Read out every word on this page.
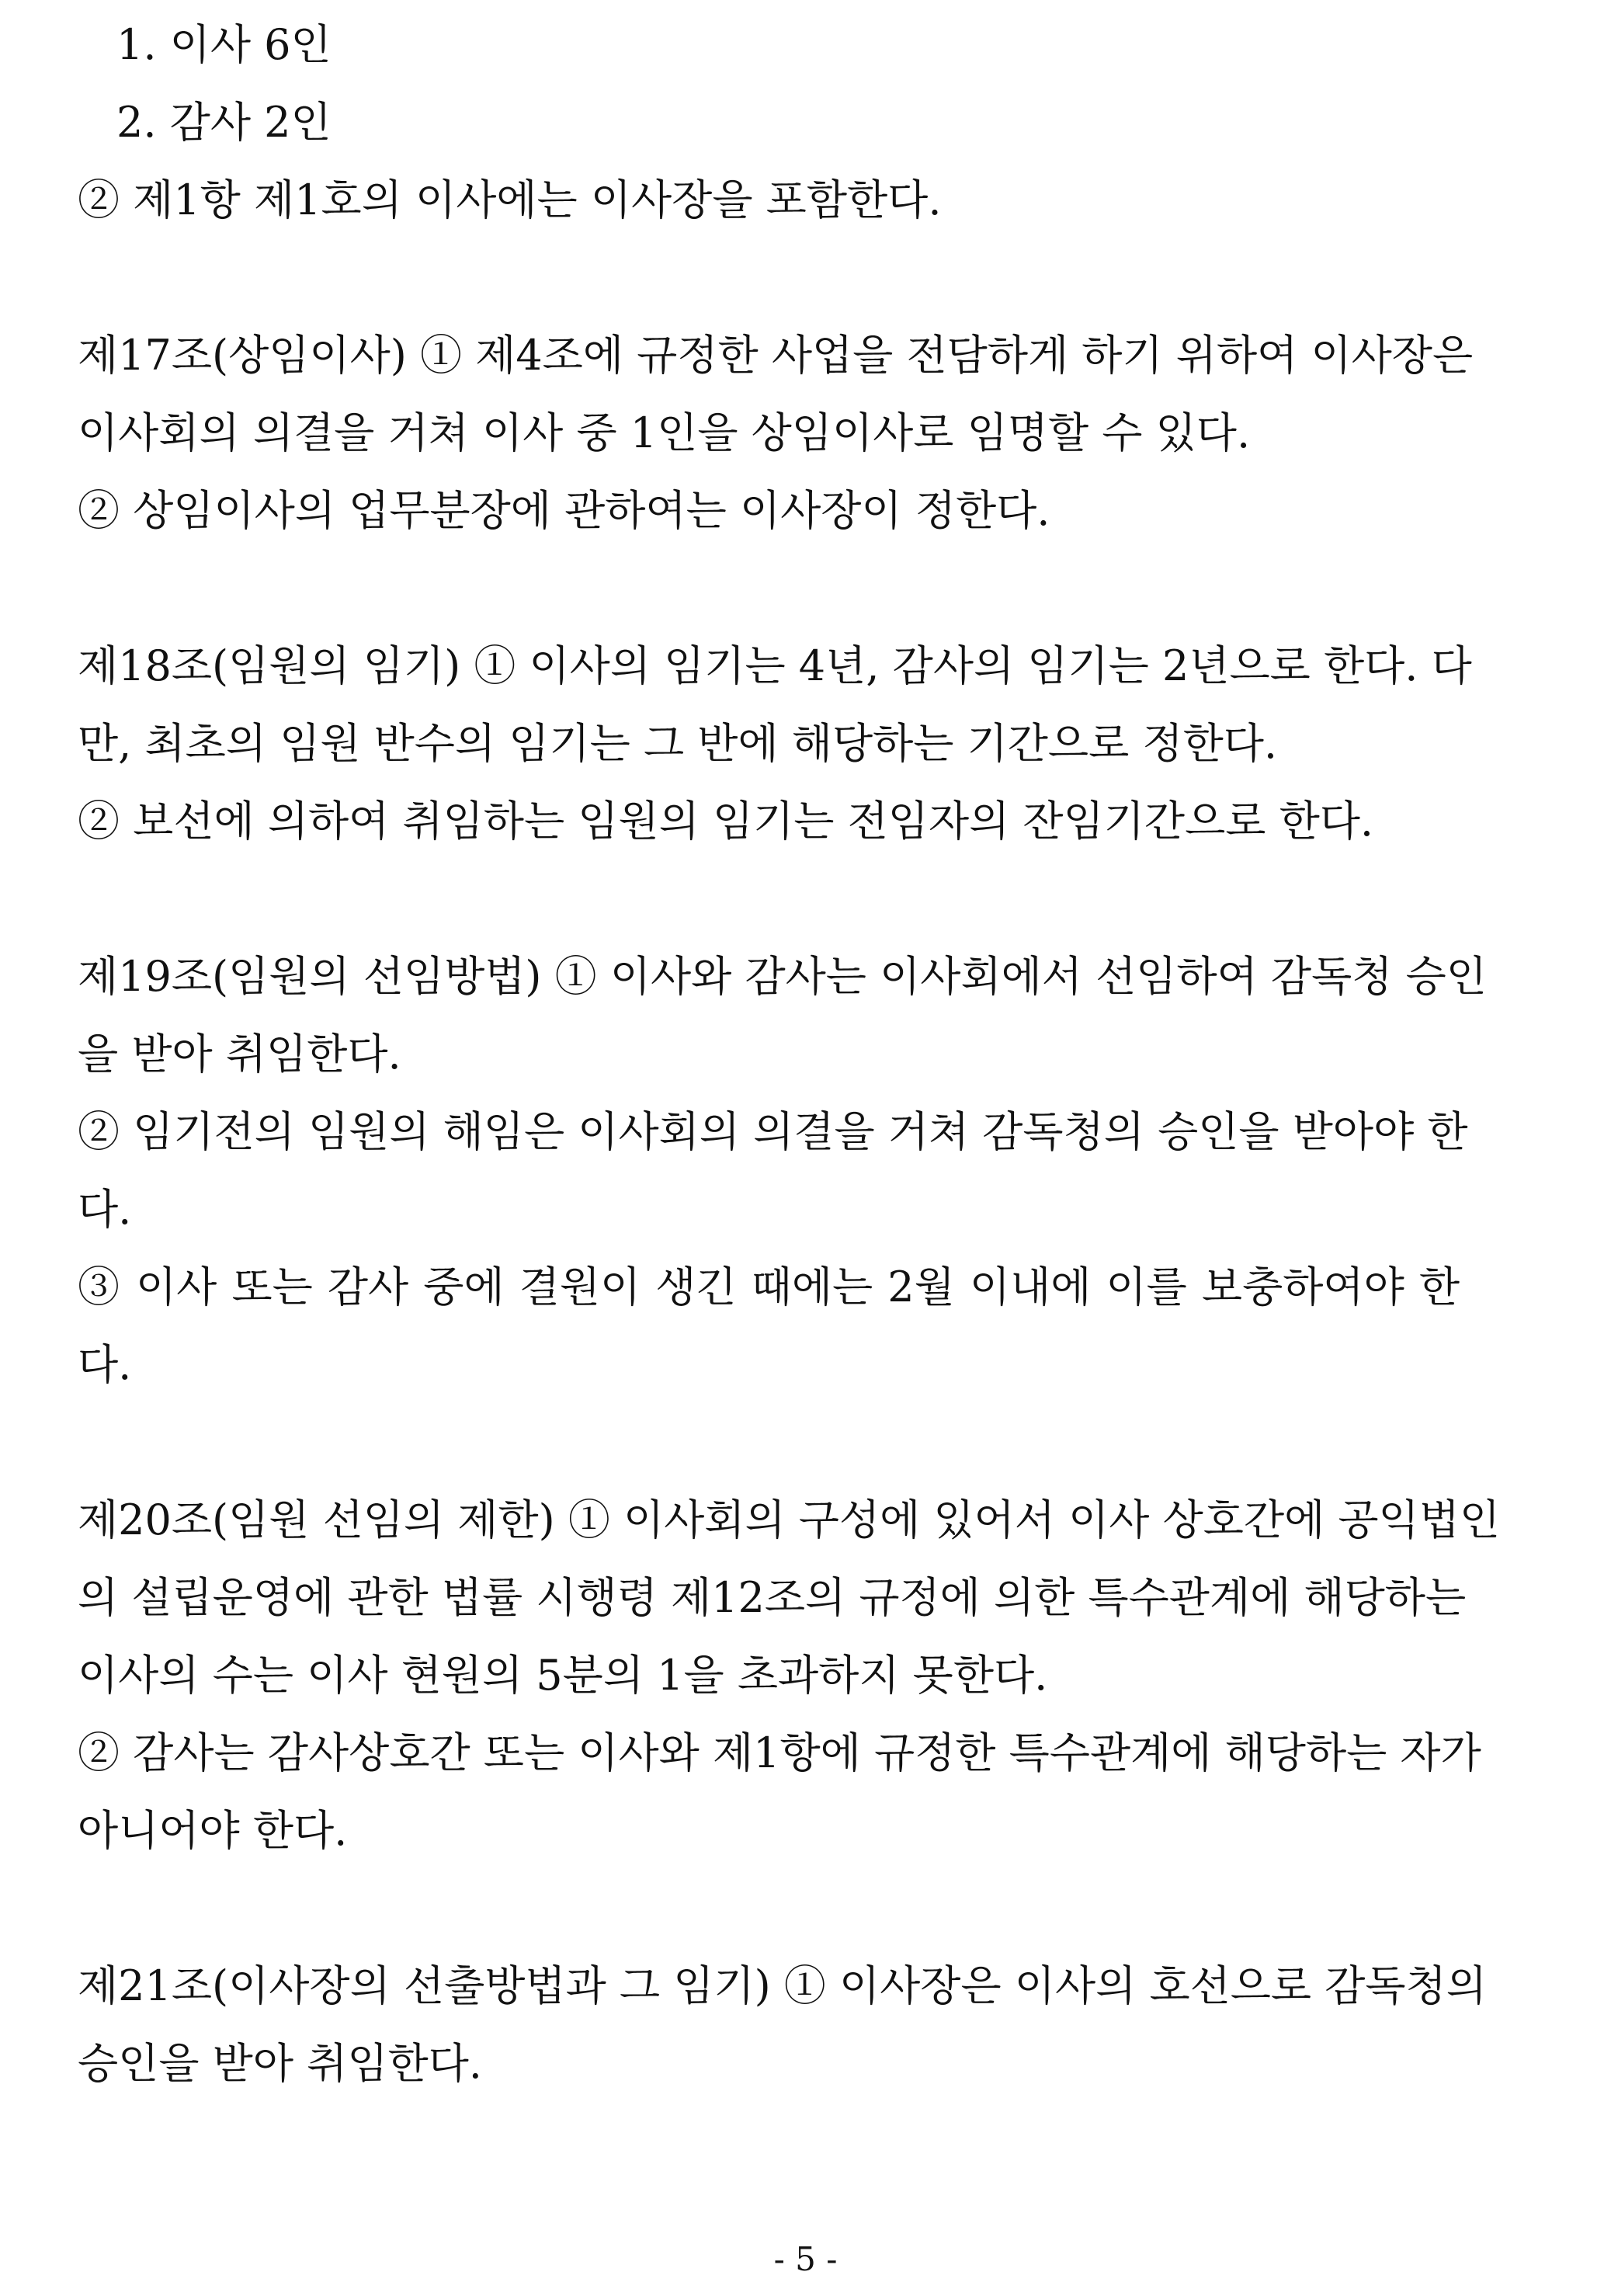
1. 이사 6인
2. 감사 2인
② 제1항 제1호의 이사에는 이사장을 포함한다.
제17조(상임이사) ① 제4조에 규정한 사업을 전담하게 하기 위하여 이사장은
이사회의 의결을 거쳐 이사 중 1인을 상임이사로 임명할 수 있다.
② 상임이사의 업무분장에 관하여는 이사장이 정한다.
제18조(임원의 임기) ① 이사의 임기는 4년, 감사의 임기는 2년으로 한다. 다
만, 최초의 임원 반수의 임기는 그 반에 해당하는 기간으로 정한다.
② 보선에 의하여 취임하는 임원의 임기는 전임자의 잔임기간으로 한다.
제19조(임원의 선임방법) ① 이사와 감사는 이사회에서 선임하여 감독청 승인
을 받아 취임한다.
② 임기전의 임원의 해임은 이사회의 의결을 거쳐 감독청의 승인을 받아야 한
다.
③ 이사 또는 감사 중에 결원이 생긴 때에는 2월 이내에 이를 보충하여야 한
다.
제20조(임원 선임의 제한) ① 이사회의 구성에 있어서 이사 상호간에 공익법인
의 설립운영에 관한 법률 시행령 제12조의 규정에 의한 특수관계에 해당하는
이사의 수는 이사 현원의 5분의 1을 초과하지 못한다.
② 감사는 감사상호간 또는 이사와 제1항에 규정한 특수관계에 해당하는 자가
아니어야 한다.
제21조(이사장의 선출방법과 그 임기) ① 이사장은 이사의 호선으로 감독청의
승인을 받아 취임한다.
- 5 -
